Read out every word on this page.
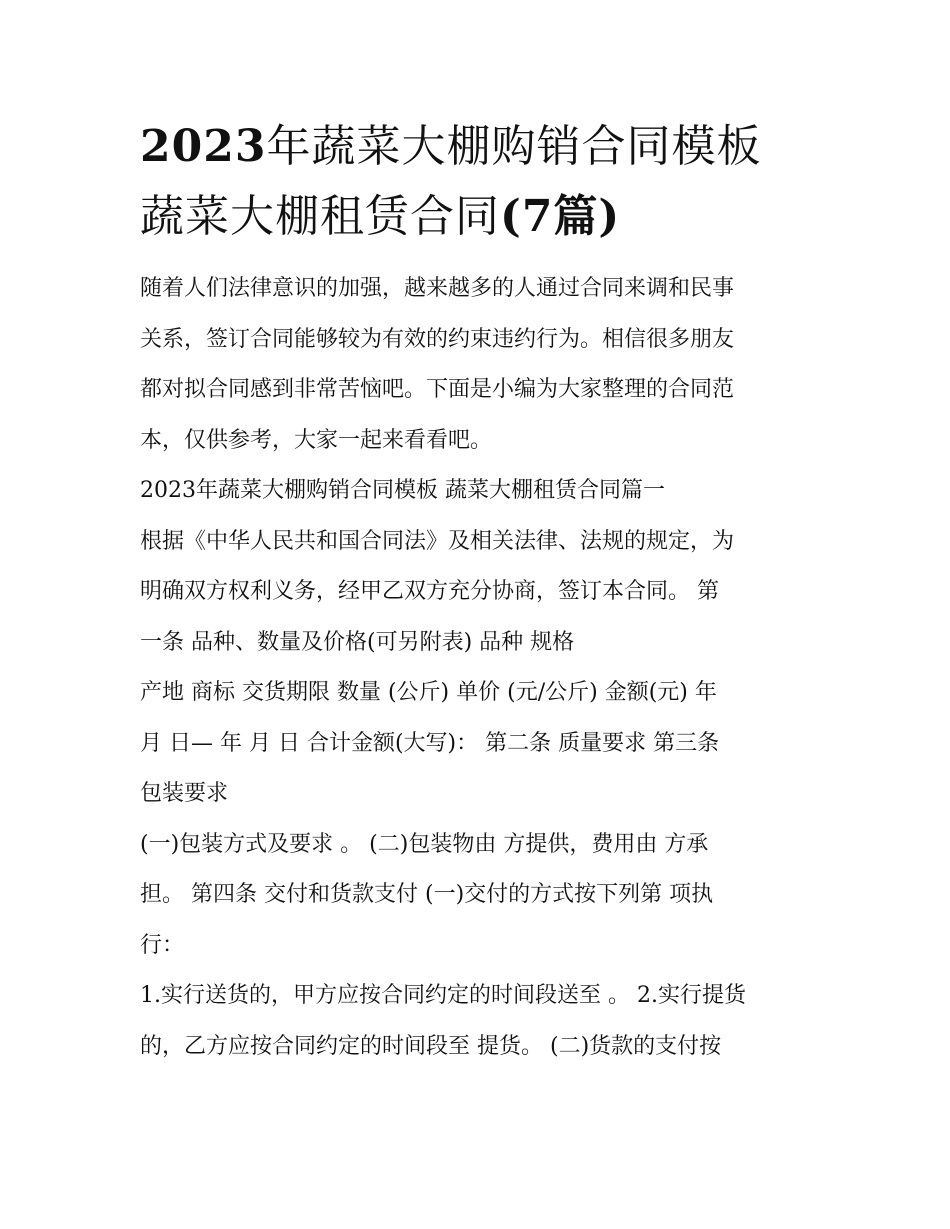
2023年蔬菜大棚购销合同模板
蔬菜大棚租赁合同(7篇)

随着人们法律意识的加强，越来越多的人通过合同来调和民事
关系，签订合同能够较为有效的约束违约行为。相信很多朋友
都对拟合同感到非常苦恼吧。下面是小编为大家整理的合同范
本，仅供参考，大家一起来看看吧。

2023年蔬菜大棚购销合同模板 蔬菜大棚租赁合同篇一

根据《中华人民共和国合同法》及相关法律、法规的规定，为
明确双方权利义务，经甲乙双方充分协商，签订本合同。 第
一条 品种、数量及价格(可另附表) 品种 规格

产地 商标 交货期限 数量 (公斤) 单价 (元/公斤) 金额(元) 年
月 日— 年 月 日 合计金额(大写)： 第二条 质量要求 第三条
包装要求

(一)包装方式及要求 。 (二)包装物由 方提供，费用由 方承
担。 第四条 交付和货款支付 (一)交付的方式按下列第 项执
行：

1.实行送货的，甲方应按合同约定的时间段送至 。 2.实行提货
的，乙方应按合同约定的时间段至 提货。 (二)货款的支付按
